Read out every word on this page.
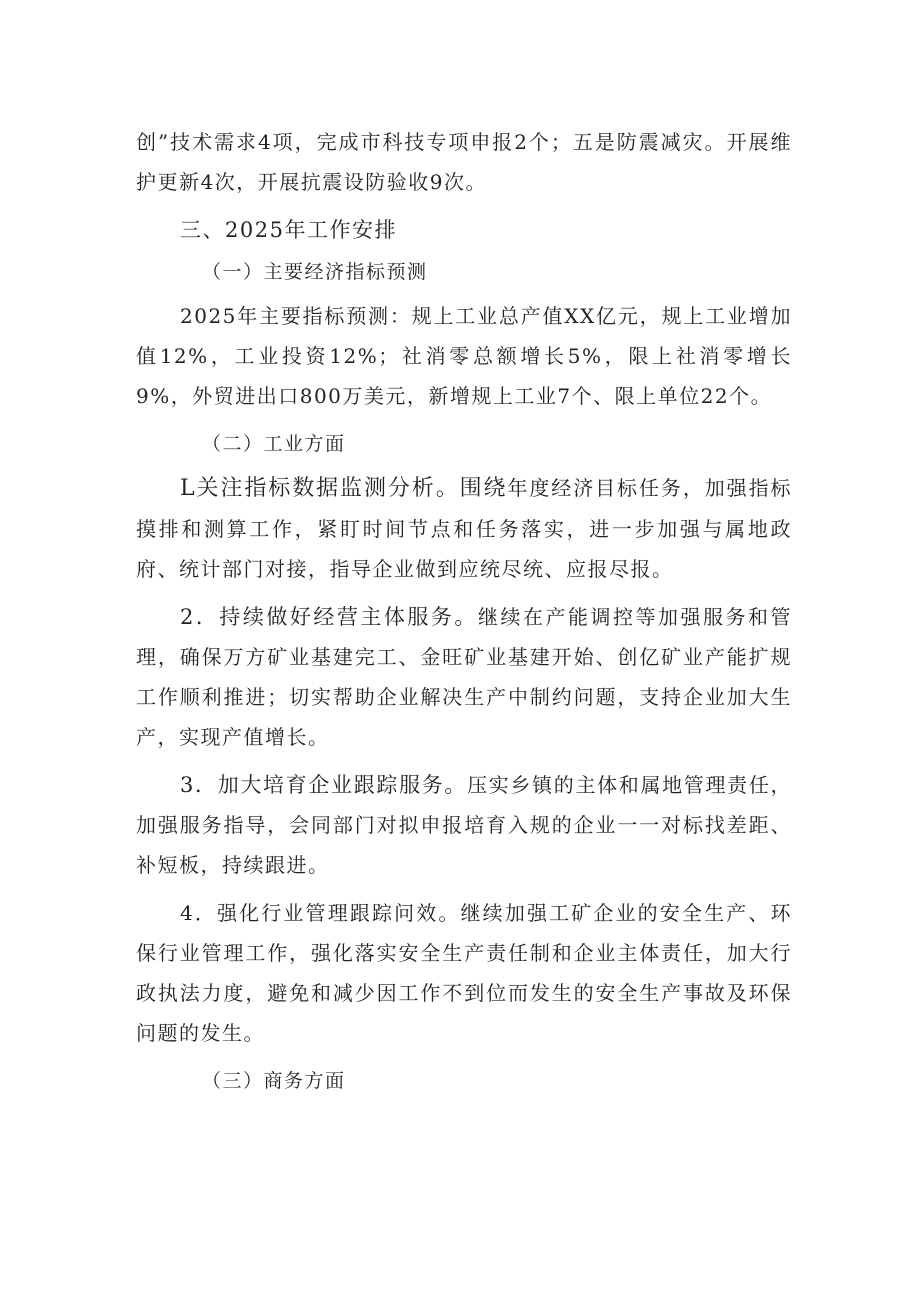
创”技术需求4项，完成市科技专项申报2个；五是防震减灾。开展维护更新4次，开展抗震设防验收9次。

三、2025年工作安排

（一）主要经济指标预测

2025年主要指标预测：规上工业总产值XX亿元，规上工业增加值12%，工业投资12%；社消零总额增长5%，限上社消零增长9%，外贸进出口800万美元，新增规上工业7个、限上单位22个。

（二）工业方面

L关注指标数据监测分析。围绕年度经济目标任务，加强指标摸排和测算工作，紧盯时间节点和任务落实，进一步加强与属地政府、统计部门对接，指导企业做到应统尽统、应报尽报。

2．持续做好经营主体服务。继续在产能调控等加强服务和管理，确保万方矿业基建完工、金旺矿业基建开始、创亿矿业产能扩规工作顺利推进；切实帮助企业解决生产中制约问题，支持企业加大生产，实现产值增长。

3．加大培育企业跟踪服务。压实乡镇的主体和属地管理责任，加强服务指导，会同部门对拟申报培育入规的企业一一对标找差距、补短板，持续跟进。

4．强化行业管理跟踪问效。继续加强工矿企业的安全生产、环保行业管理工作，强化落实安全生产责任制和企业主体责任，加大行政执法力度，避免和减少因工作不到位而发生的安全生产事故及环保问题的发生。

（三）商务方面
